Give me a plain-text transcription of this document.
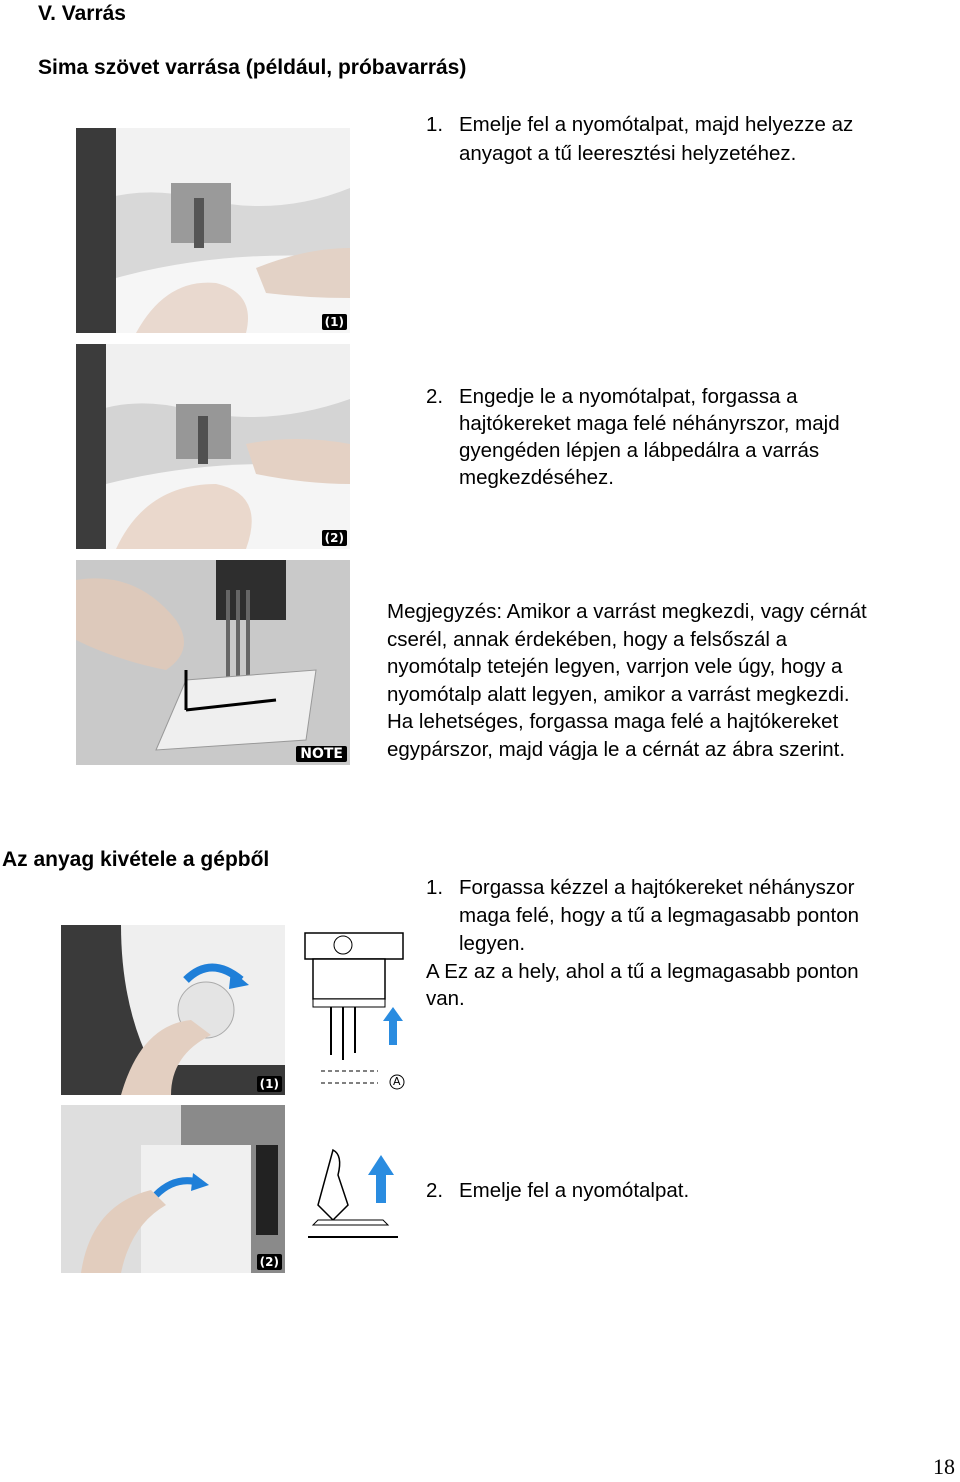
V. Varrás
Sima szövet varrása (például, próbavarrás)
(1)
1. Emelje fel a nyomótalpat, majd helyezze az
anyagot a tű leeresztési helyzetéhez.
(2)
2. Engedje le a nyomótalpat, forgassa a
hajtókereket maga felé néhányrszor, majd
gyengéden lépjen a lábpedálra a varrás
megkezdéséhez.
NOTE
Megjegyzés: Amikor a varrást megkezdi, vagy cérnát
cserél, annak érdekében, hogy a felsőszál a
nyomótalp tetején legyen, varrjon vele úgy, hogy a
nyomótalp alatt legyen, amikor a varrást megkezdi.
Ha lehetséges, forgassa maga felé a hajtókereket
egypárszor, majd vágja le a cérnát az ábra szerint.
Az anyag kivétele a gépből
(1)	A
1. Forgassa kézzel a hajtókereket néhányszor
maga felé, hogy a tű a legmagasabb ponton
legyen.
A Ez az a hely, ahol a tű a legmagasabb ponton
van.
(2)
2. Emelje fel a nyomótalpat.
18
